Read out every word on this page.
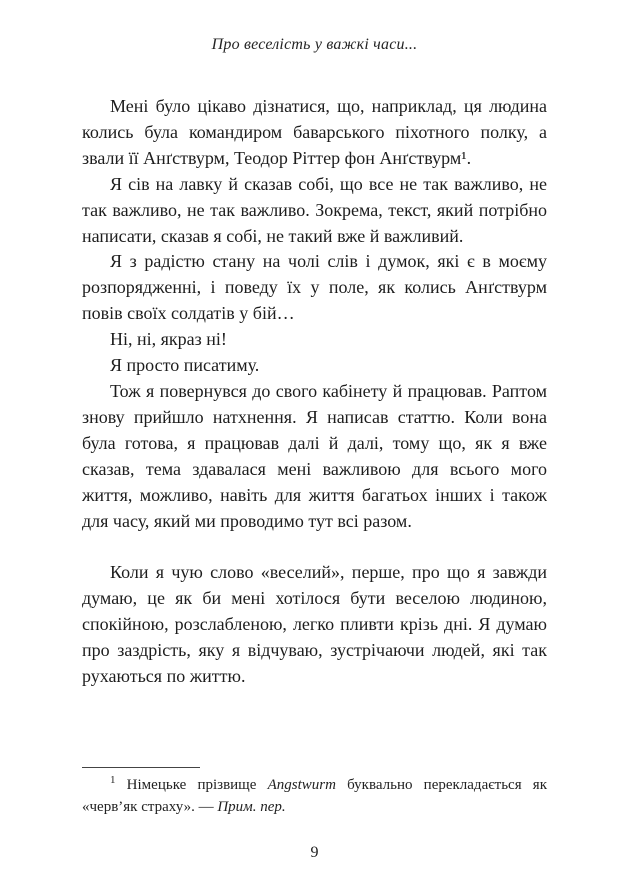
Про веселість у важкі часи...

Мені було цікаво дізнатися, що, наприклад, ця людина колись була командиром баварського піхотного полку, а звали її Анґствурм, Теодор Ріттер фон Анґствурм¹.

Я сів на лавку й сказав собі, що все не так важливо, не так важливо, не так важливо. Зокрема, текст, який потрібно написати, сказав я собі, не такий вже й важливий.

Я з радістю стану на чолі слів і думок, які є в моєму розпорядженні, і поведу їх у поле, як колись Анґствурм повів своїх солдатів у бій…

Ні, ні, якраз ні!

Я просто писатиму.

Тож я повернувся до свого кабінету й працював. Раптом знову прийшло натхнення. Я написав статтю. Коли вона була готова, я працював далі й далі, тому що, як я вже сказав, тема здавалася мені важливою для всього мого життя, можливо, навіть для життя багатьох інших і також для часу, який ми проводимо тут всі разом.

Коли я чую слово «веселий», перше, про що я завжди думаю, це як би мені хотілося бути веселою людиною, спокійною, розслабленою, легко пливти крізь дні. Я думаю про заздрість, яку я відчуваю, зустрічаючи людей, які так рухаються по життю.

$^1$ Німецьке прізвище Angstwurm буквально перекладається як «черв’як страху». — Прим. пер.

9
